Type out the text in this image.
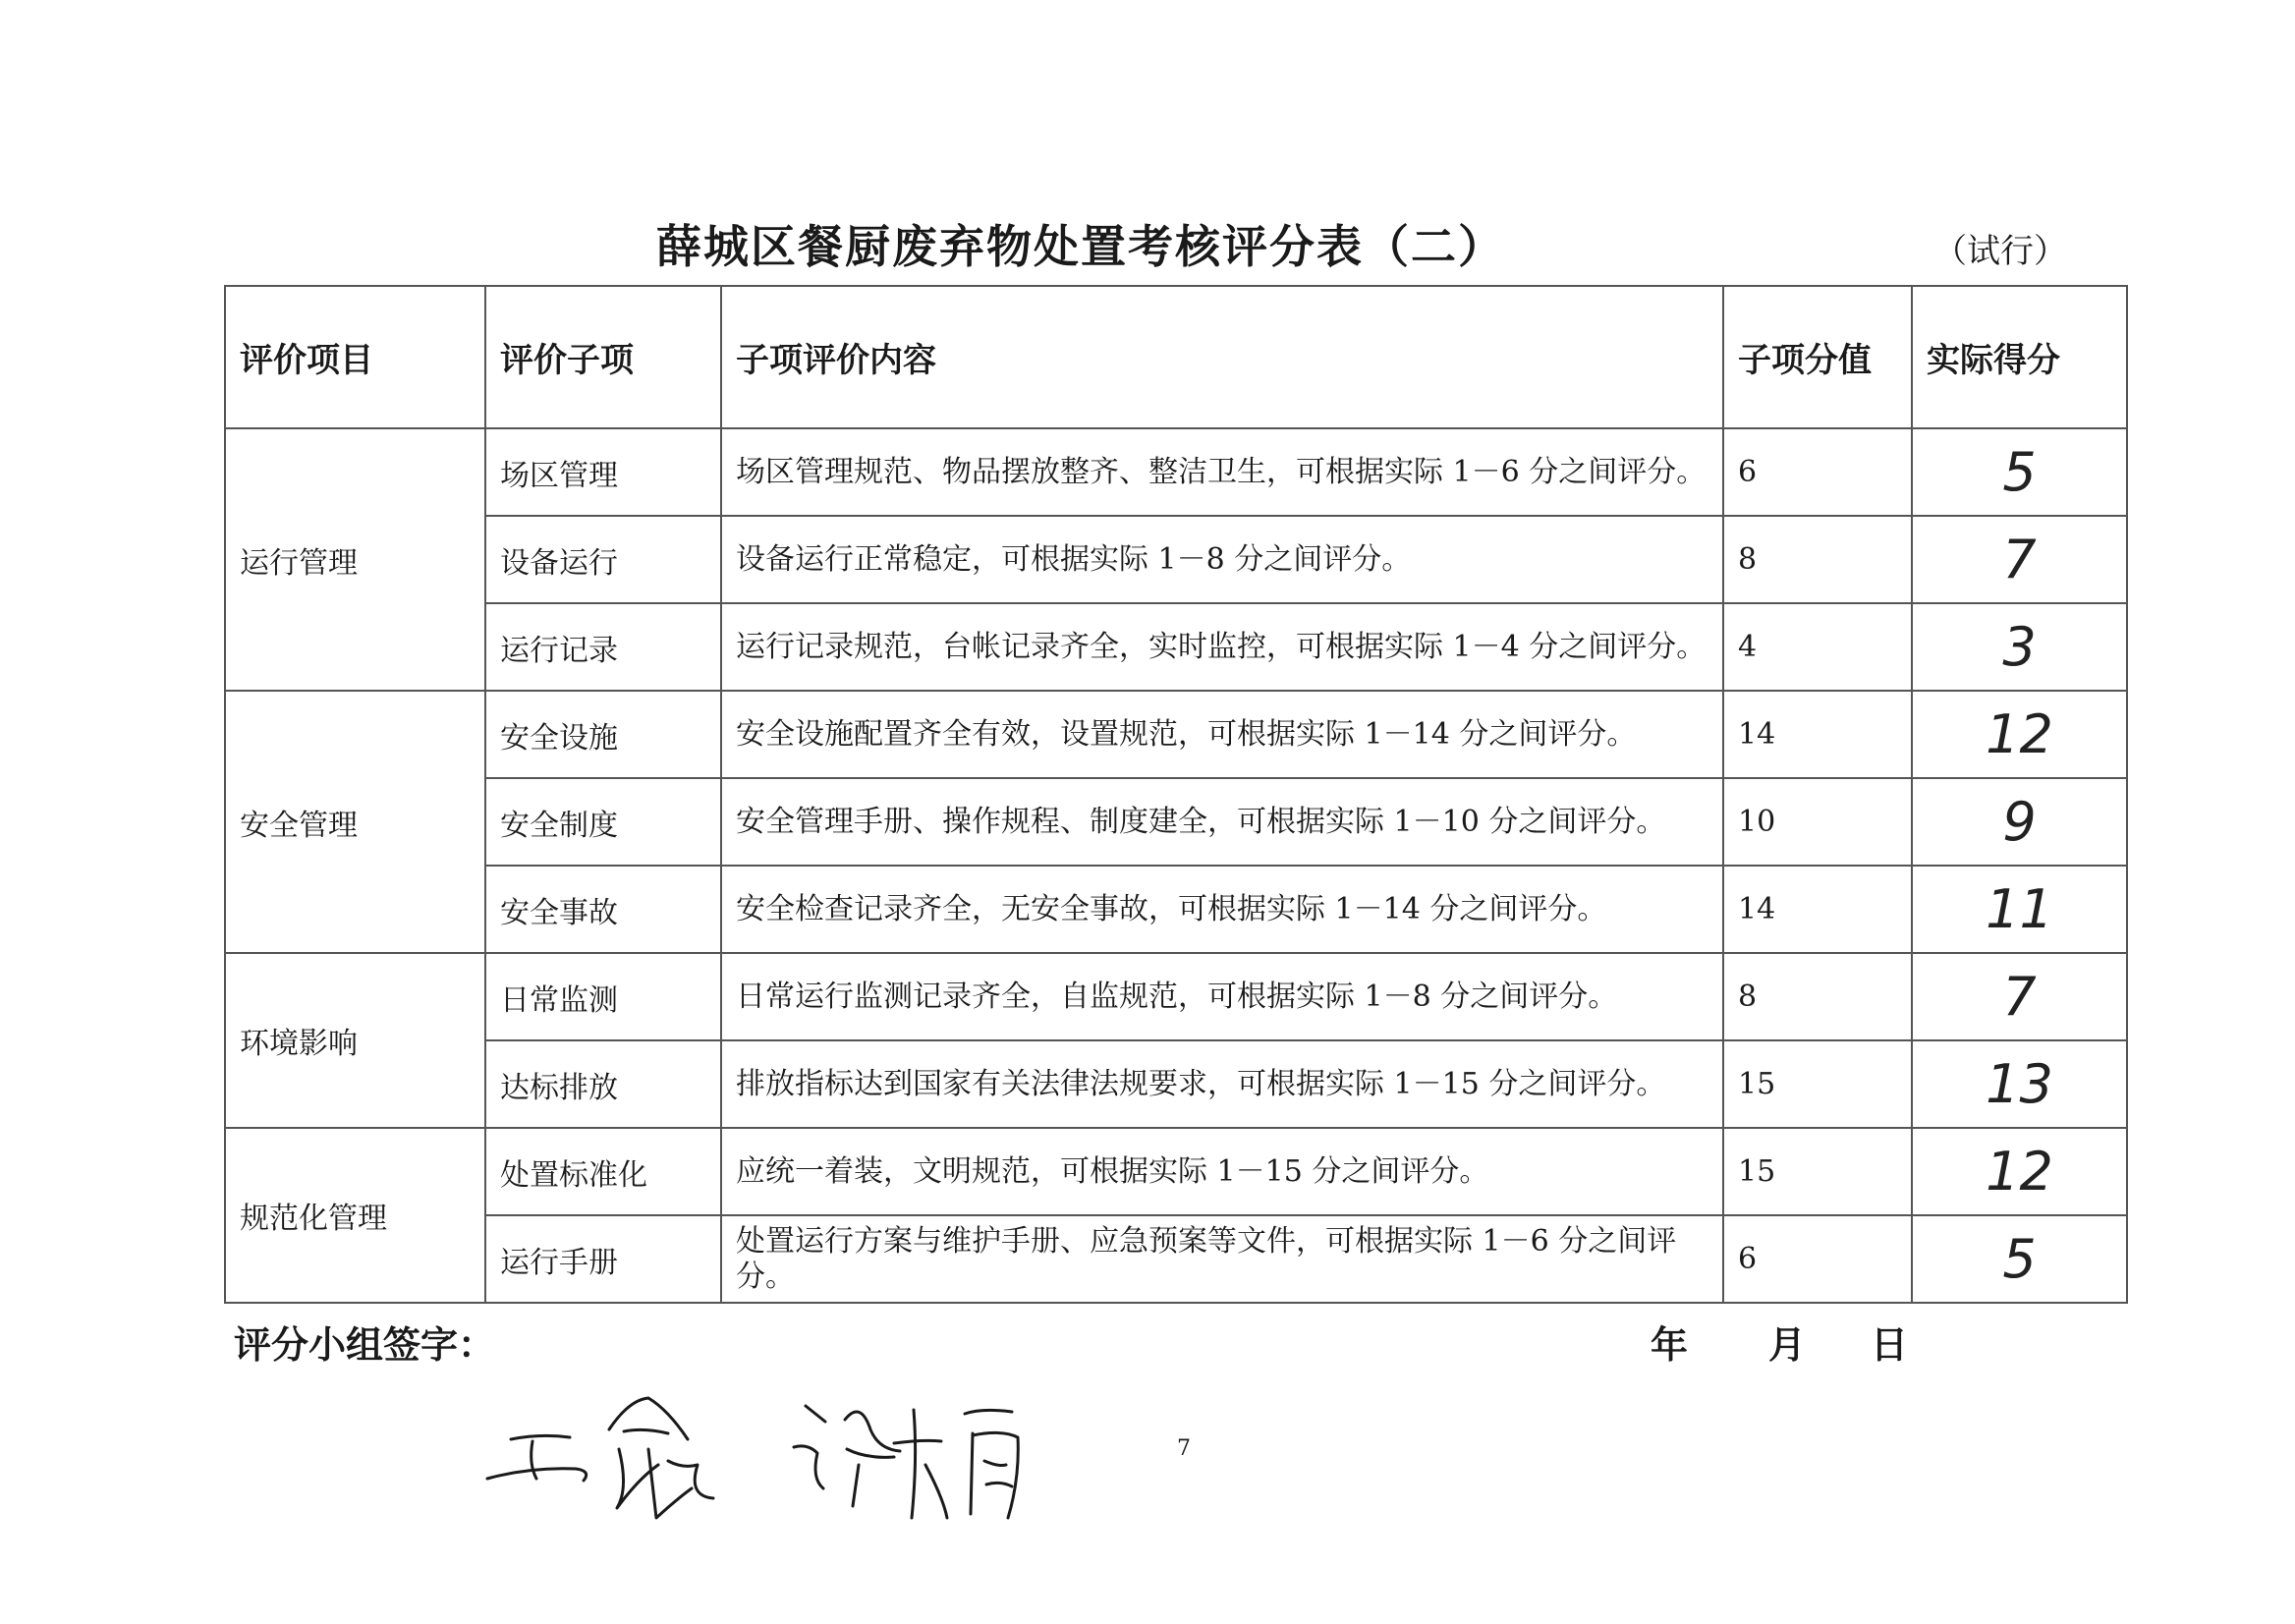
薛城区餐厨废弃物处置考核评分表（二）	（试行）
评价项目	评价子项	子项评价内容	子项分值	实际得分
运行管理	场区管理	场区管理规范、物品摆放整齐、整洁卫生，可根据实际 1－6 分之间评分。	6	5
	设备运行	设备运行正常稳定，可根据实际 1－8 分之间评分。	8	7
	运行记录	运行记录规范，台帐记录齐全，实时监控，可根据实际 1－4 分之间评分。	4	3
安全管理	安全设施	安全设施配置齐全有效，设置规范，可根据实际 1－14 分之间评分。	14	12
	安全制度	安全管理手册、操作规程、制度建全，可根据实际 1－10 分之间评分。	10	9
	安全事故	安全检查记录齐全，无安全事故，可根据实际 1－14 分之间评分。	14	11
环境影响	日常监测	日常运行监测记录齐全，自监规范，可根据实际 1－8 分之间评分。	8	7
	达标排放	排放指标达到国家有关法律法规要求，可根据实际 1－15 分之间评分。	15	13
规范化管理	处置标准化	应统一着装，文明规范，可根据实际 1－15 分之间评分。	15	12
	运行手册	处置运行方案与维护手册、应急预案等文件，可根据实际 1－6 分之间评分。	6	5
评分小组签字：	年 月 日
7
